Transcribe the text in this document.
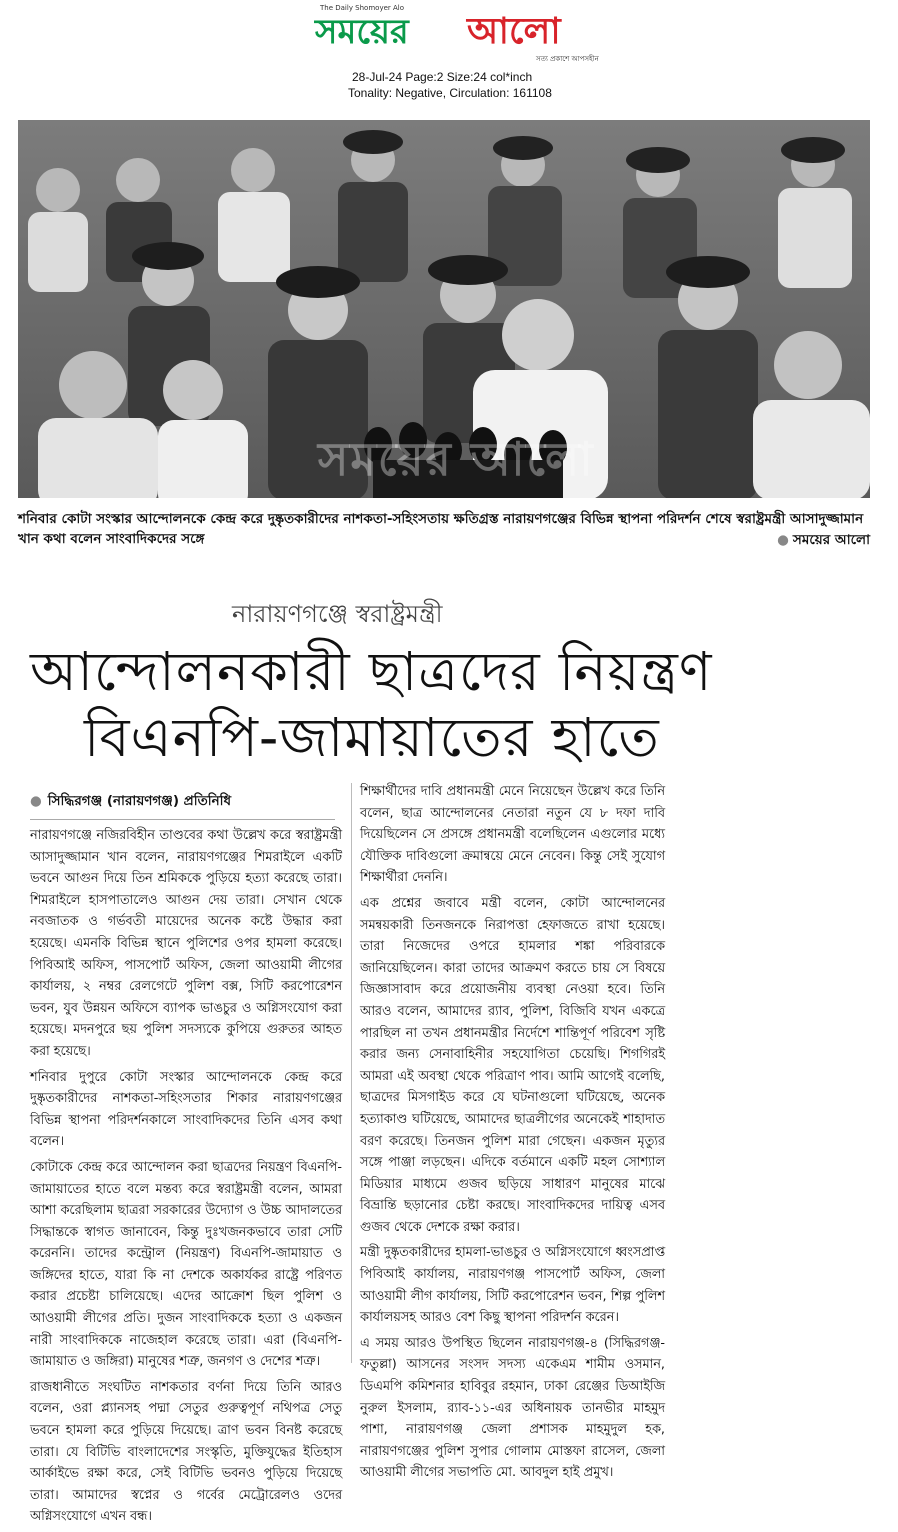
The Daily Shomoyer Alo
সময়ের আলো
সত্য প্রকাশে আপসহীন
28-Jul-24 Page:2 Size:24 col*inch
Tonality: Negative, Circulation: 161108
সময়ের আলো
শনিবার কোটা সংস্কার আন্দোলনকে কেন্দ্র করে দুষ্কৃতকারীদের নাশকতা-সহিংসতায় ক্ষতিগ্রস্ত নারায়ণগঞ্জের বিভিন্ন স্থাপনা পরিদর্শন শেষে স্বরাষ্ট্রমন্ত্রী আসাদুজ্জামান খান কথা বলেন সাংবাদিকদের সঙ্গে	● সময়ের আলো
নারায়ণগঞ্জে স্বরাষ্ট্রমন্ত্রী
আন্দোলনকারী ছাত্রদের নিয়ন্ত্রণ
বিএনপি-জামায়াতের হাতে
● সিদ্ধিরগঞ্জ (নারায়ণগঞ্জ) প্রতিনিধি

নারায়ণগঞ্জে নজিরবিহীন তাণ্ডবের কথা উল্লেখ করে স্বরাষ্ট্রমন্ত্রী আসাদুজ্জামান খান বলেন, নারায়ণগঞ্জের শিমরাইলে একটি ভবনে আগুন দিয়ে তিন শ্রমিককে পুড়িয়ে হত্যা করেছে তারা। শিমরাইলে হাসপাতালেও আগুন দেয় তারা। সেখান থেকে নবজাতক ও গর্ভবতী মায়েদের অনেক কষ্টে উদ্ধার করা হয়েছে। এমনকি বিভিন্ন স্থানে পুলিশের ওপর হামলা করেছে। পিবিআই অফিস, পাসপোর্ট অফিস, জেলা আওয়ামী লীগের কার্যালয়, ২ নম্বর রেলগেটে পুলিশ বক্স, সিটি করপোরেশন ভবন, যুব উন্নয়ন অফিসে ব্যাপক ভাঙচুর ও অগ্নিসংযোগ করা হয়েছে। মদনপুরে ছয় পুলিশ সদস্যকে কুপিয়ে গুরুতর আহত করা হয়েছে।

শনিবার দুপুরে কোটা সংস্কার আন্দোলনকে কেন্দ্র করে দুষ্কৃতকারীদের নাশকতা-সহিংসতার শিকার নারায়ণগঞ্জের বিভিন্ন স্থাপনা পরিদর্শনকালে সাংবাদিকদের তিনি এসব কথা বলেন।

কোটাকে কেন্দ্র করে আন্দোলন করা ছাত্রদের নিয়ন্ত্রণ বিএনপি-জামায়াতের হাতে বলে মন্তব্য করে স্বরাষ্ট্রমন্ত্রী বলেন, আমরা আশা করেছিলাম ছাত্ররা সরকারের উদ্যোগ ও উচ্চ আদালতের সিদ্ধান্তকে স্বাগত জানাবেন, কিন্তু দুঃখজনকভাবে তারা সেটি করেননি। তাদের কন্ট্রোল (নিয়ন্ত্রণ) বিএনপি-জামায়াত ও জঙ্গিদের হাতে, যারা কি না দেশকে অকার্যকর রাষ্ট্রে পরিণত করার প্রচেষ্টা চালিয়েছে। এদের আক্রোশ ছিল পুলিশ ও আওয়ামী লীগের প্রতি। দুজন সাংবাদিককে হত্যা ও একজন নারী সাংবাদিককে নাজেহাল করেছে তারা। এরা (বিএনপি-জামায়াত ও জঙ্গিরা) মানুষের শত্রু, জনগণ ও দেশের শত্রু।

রাজধানীতে সংঘটিত নাশকতার বর্ণনা দিয়ে তিনি আরও বলেন, ওরা প্ল্যানসহ পদ্মা সেতুর গুরুত্বপূর্ণ নথিপত্র সেতু ভবনে হামলা করে পুড়িয়ে দিয়েছে। ত্রাণ ভবন বিনষ্ট করেছে তারা। যে বিটিভি বাংলাদেশের সংস্কৃতি, মুক্তিযুদ্ধের ইতিহাস আর্কাইভে রক্ষা করে, সেই বিটিভি ভবনও পুড়িয়ে দিয়েছে তারা। আমাদের স্বপ্নের ও গর্বের মেট্রোরেলও ওদের অগ্নিসংযোগে এখন বন্ধ।

শিক্ষার্থীদের দাবি প্রধানমন্ত্রী মেনে নিয়েছেন উল্লেখ করে তিনি বলেন, ছাত্র আন্দোলনের নেতারা নতুন যে ৮ দফা দাবি দিয়েছিলেন সে প্রসঙ্গে প্রধানমন্ত্রী বলেছিলেন এগুলোর মধ্যে যৌক্তিক দাবিগুলো ক্রমান্বয়ে মেনে নেবেন। কিন্তু সেই সুযোগ শিক্ষার্থীরা দেননি।

এক প্রশ্নের জবাবে মন্ত্রী বলেন, কোটা আন্দোলনের সমন্বয়কারী তিনজনকে নিরাপত্তা হেফাজতে রাখা হয়েছে। তারা নিজেদের ওপরে হামলার শঙ্কা পরিবারকে জানিয়েছিলেন। কারা তাদের আক্রমণ করতে চায় সে বিষয়ে জিজ্ঞাসাবাদ করে প্রয়োজনীয় ব্যবস্থা নেওয়া হবে। তিনি আরও বলেন, আমাদের র‌্যাব, পুলিশ, বিজিবি যখন একত্রে পারছিল না তখন প্রধানমন্ত্রীর নির্দেশে শান্তিপূর্ণ পরিবেশ সৃষ্টি করার জন্য সেনাবাহিনীর সহযোগিতা চেয়েছি। শিগগিরই আমরা এই অবস্থা থেকে পরিত্রাণ পাব। আমি আগেই বলেছি, ছাত্রদের মিসগাইড করে যে ঘটনাগুলো ঘটিয়েছে, অনেক হত্যাকাণ্ড ঘটিয়েছে, আমাদের ছাত্রলীগের অনেকেই শাহাদাত বরণ করেছে। তিনজন পুলিশ মারা গেছেন। একজন মৃত্যুর সঙ্গে পাঞ্জা লড়ছেন। এদিকে বর্তমানে একটি মহল সোশ্যাল মিডিয়ার মাধ্যমে গুজব ছড়িয়ে সাধারণ মানুষের মাঝে বিভ্রান্তি ছড়ানোর চেষ্টা করছে। সাংবাদিকদের দায়িত্ব এসব গুজব থেকে দেশকে রক্ষা করার।

মন্ত্রী দুষ্কৃতকারীদের হামলা-ভাঙচুর ও অগ্নিসংযোগে ধ্বংসপ্রাপ্ত পিবিআই কার্যালয়, নারায়ণগঞ্জ পাসপোর্ট অফিস, জেলা আওয়ামী লীগ কার্যালয়, সিটি করপোরেশন ভবন, শিল্প পুলিশ কার্যালয়সহ আরও বেশ কিছু স্থাপনা পরিদর্শন করেন।

এ সময় আরও উপস্থিত ছিলেন নারায়ণগঞ্জ-৪ (সিদ্ধিরগঞ্জ-ফতুল্লা) আসনের সংসদ সদস্য একেএম শামীম ওসমান, ডিএমপি কমিশনার হাবিবুর রহমান, ঢাকা রেঞ্জের ডিআইজি নুরুল ইসলাম, র‌্যাব-১১-এর অধিনায়ক তানভীর মাহমুদ পাশা, নারায়ণগঞ্জ জেলা প্রশাসক মাহমুদুল হক, নারায়ণগঞ্জের পুলিশ সুপার গোলাম মোস্তফা রাসেল, জেলা আওয়ামী লীগের সভাপতি মো. আবদুল হাই প্রমুখ।
